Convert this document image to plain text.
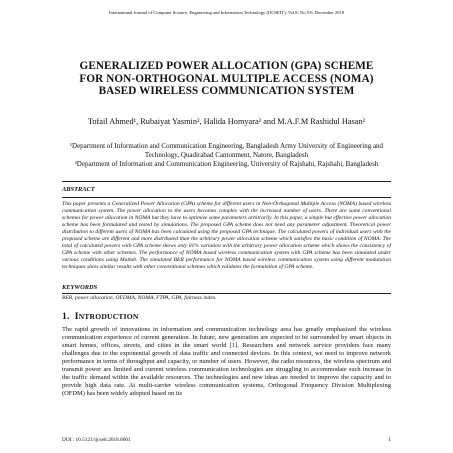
International Journal of Computer Science, Engineering and Information Technology (IJCSEIT), Vol.8, No.5/6, December 2018
GENERALIZED POWER ALLOCATION (GPA) SCHEME FOR NON-ORTHOGONAL MULTIPLE ACCESS (NOMA) BASED WIRELESS COMMUNICATION SYSTEM
Tofail Ahmed¹, Rubaiyat Yasmin², Halida Homyara² and M.A.F.M Rashidul Hasan²

¹Department of Information and Communication Engineering, Bangladesh Army University of Engineering and Technology, Quadirabad Cantonment, Natore, Bangladesh

²Department of Information and Communication Engineering, University of Rajshahi, Rajshahi, Bangladesh

ABSTRACT
This paper presents a Generalized Power Allocation (GPA) scheme for different users in Non-Orthogonal Multiple Access (NOMA) based wireless communication system. The power allocation to the users becomes complex with the increased number of users. There are some conventional schemes for power allocation in NOMA but they have to optimize some parameters arbitrarily. In this paper, a simple but effective power allocation scheme has been formulated and tested by simulations. The proposed GPA scheme does not need any parameter adjustment. Theoretical power distribution to different users of NOMA has been calculated using the proposed GPA technique. The calculated powers of individual users with the proposed scheme are different and more distributed than the arbitrary power allocation scheme which satisfies the basic condition of NOMA. The total of calculated powers with GPA scheme shows only 01% variation with the arbitrary power allocation scheme which shows the consistency of GPA scheme with other schemes. The performance of NOMA based wireless communication system with GPA scheme has been simulated under various conditions using Matlab. The simulated BER performance for NOMA based wireless communication system using different modulation techniques show similar results with other conventional schemes which validates the formulation of GPA scheme.
KEYWORDS
BER, power allocation, OFDMA, NOMA, FTPA, GPA, fairness index.
1. INTRODUCTION
The rapid growth of innovations in information and communication technology area has greatly emphasized the wireless communication experience of current generation. In future, new generation are expected to be surrounded by smart objects in smart homes, offices, streets, and cities in the smart world [1]. Researchers and network service providers face many challenges due to the exponential growth of data traffic and connected devices. In this context, we need to improve network performance in terms of throughput and capacity, or number of users. However, the radio resources, the wireless spectrum and transmit power are limited and current wireless communication technologies are struggling to accommodate such increase in the traffic demand within the available resources. The technologies and new ideas are needed to improve the capacity and to provide high data rate. At multi-carrier wireless communication systems, Orthogonal Frequency Division Multiplexing (OFDM) has been widely adopted based on its
DOI : 10.5121/ijcseit.2018.8601	1
